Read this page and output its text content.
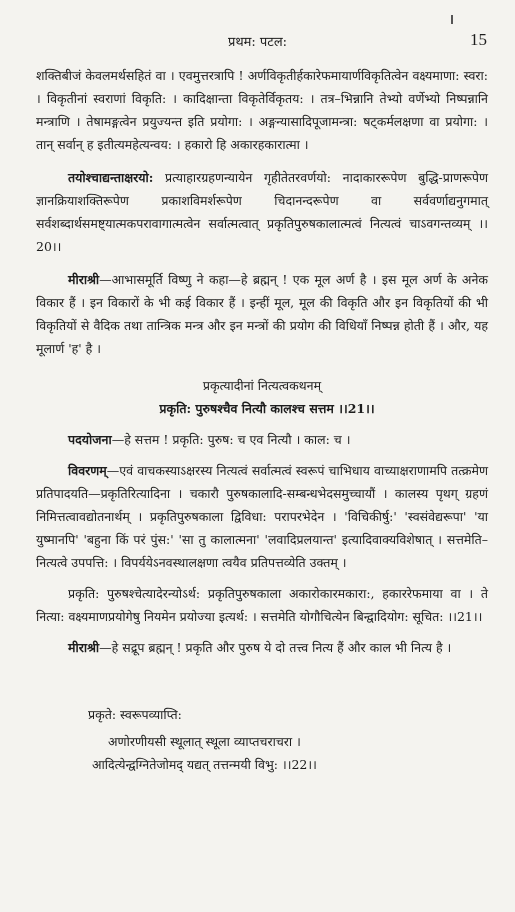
प्रथम: पटल:	15

शक्तिबीजं केवलमर्थसहितं वा । एवमुत्तरत्रापि ! अर्णविकृतीर्हकारेफमायार्णविकृतित्वेन वक्ष्यमाणा: स्वरा: । विकृतीनां स्वराणां विकृति: । कादिक्षान्ता विकृतेर्विकृतय: । तत्र–भिन्नानि तेभ्यो वर्णेभ्यो निष्पन्नानि मन्त्राणि । तेषामङ्गत्वेन प्रयुज्यन्त इति प्रयोगा: । अङ्गन्यासादिपूजामन्त्रा: षट्कर्मलक्षणा वा प्रयोगा: । तान् सर्वान् ह इतीत्यमहेत्यन्वय: । हकारो हि अकारहकारात्मा ।

तयोश्चाद्यन्ताक्षरयो: प्रत्याहारग्रहणन्यायेन गृहीतेतरवर्णयो: नादाकाररूपेण बुद्धि-प्राणरूपेण ज्ञानक्रियाशक्तिरूपेण प्रकाशविमर्शरूपेण चिदानन्दरूपेण वा सर्ववर्णाद्यनुगमात् सर्वशब्दार्थसमष्ट्यात्मकपरावागात्मत्वेन सर्वात्मत्वात् प्रकृतिपुरुषकालात्मत्वं नित्यत्वं चाऽवगन्तव्यम् ।।20।।

मीराश्री—आभासमूर्ति विष्णु ने कहा—हे ब्रह्मन् ! एक मूल अर्ण है । इस मूल अर्ण के अनेक विकार हैं । इन विकारों के भी कई विकार हैं । इन्हीं मूल, मूल की विकृति और इन विकृतियों की भी विकृतियों से वैदिक तथा तान्त्रिक मन्त्र और इन मन्त्रों की प्रयोग की विधियाँ निष्पन्न होती हैं । और, यह मूलार्ण 'ह' है ।

प्रकृत्यादीनां नित्यत्वकथनम्

प्रकृति: पुरुषश्चैव नित्यौ कालश्च सत्तम ।।21।।

पदयोजना—हे सत्तम ! प्रकृति: पुरुष: च एव नित्यौ । काल: च ।

विवरणम्—एवं वाचकस्याऽक्षरस्य नित्यत्वं सर्वात्मत्वं स्वरूपं चाभिधाय वाच्याक्षराणामपि तत्क्रमेण प्रतिपादयति—प्रकृतिरित्यादिना । चकारौ पुरुषकालादि-सम्बन्धभेदसमुच्चायौं । कालस्य पृथग् ग्रहणं निमित्तत्वावद्योतनार्थम् । प्रकृतिपुरुषकाला द्विविधा: परापरभेदेन । 'विचिकीर्षु:' 'स्वसंवेद्यरूपा' 'या युष्मानपि' 'बहुना किं परं पुंस:' 'सा तु कालात्मना' 'लवादिप्रलयान्त' इत्यादिवाक्यविशेषात् । सत्तमेति–नित्यत्वे उपपत्ति: । विपर्ययेऽनवस्थालक्षणा त्वयैव प्रतिपत्तव्येति उक्तम् ।

प्रकृति: पुरुषश्चेत्यादेरन्योऽर्थ: प्रकृतिपुरुषकाला अकारोकारमकारा:, हकाररेफमाया वा । ते नित्या: वक्ष्यमाणप्रयोगेषु नियमेन प्रयोज्या इत्यर्थ: । सत्तमेति योगौचित्येन बिन्द्वादियोग: सूचित: ।।21।।

मीराश्री—हे सद्रूप ब्रह्मन् ! प्रकृति और पुरुष ये दो तत्त्व नित्य हैं और काल भी नित्य है ।

प्रकृते: स्वरूपव्याप्ति:

अणोरणीयसी स्थूलात् स्थूला व्याप्तचराचरा ।

आदित्येन्द्वग्नितेजोमद् यद्यत् तत्तन्मयी विभु: ।।22।।
